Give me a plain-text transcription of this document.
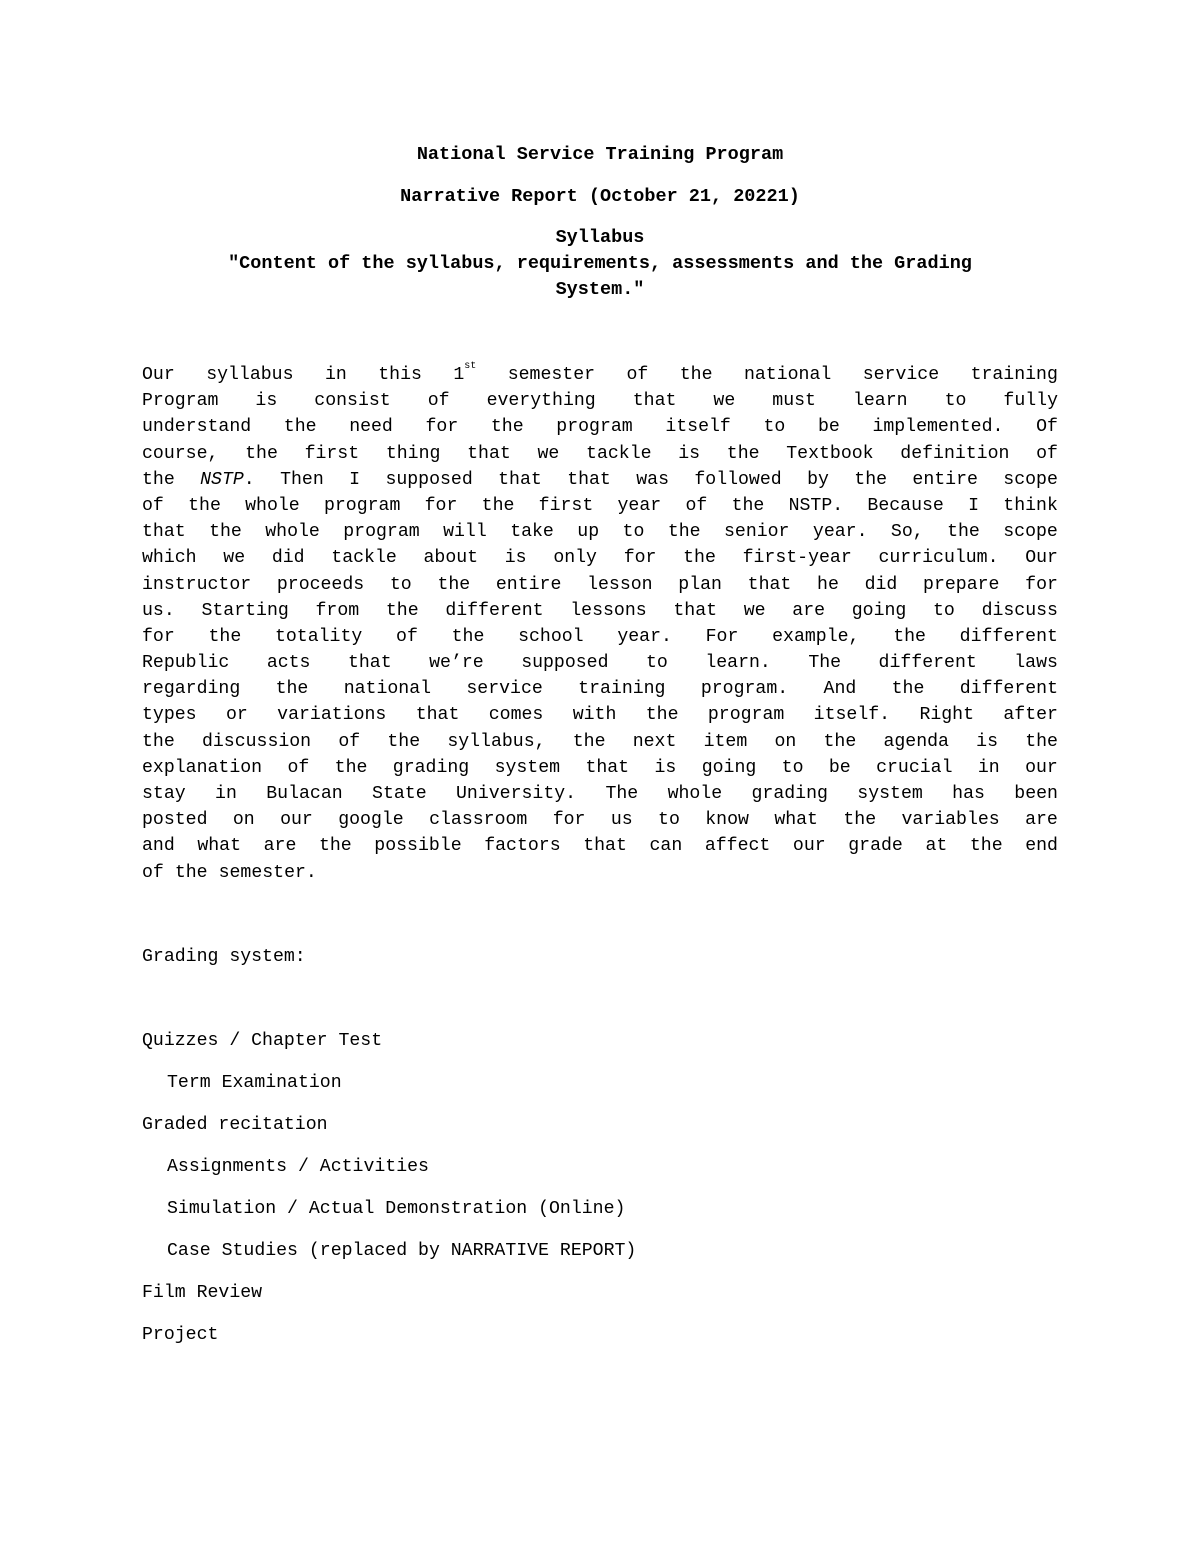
National Service Training Program
Narrative Report (October 21, 20221)
Syllabus
"Content of the syllabus, requirements, assessments and the Grading
System."
Our syllabus in this 1st semester of the national service training
Program is consist of everything that we must learn to fully
understand the need for the program itself to be implemented. Of
course, the first thing that we tackle is the Textbook definition of
the NSTP. Then I supposed that that was followed by the entire scope
of the whole program for the first year of the NSTP. Because I think
that the whole program will take up to the senior year. So, the scope
which we did tackle about is only for the first-year curriculum. Our
instructor proceeds to the entire lesson plan that he did prepare for
us. Starting from the different lessons that we are going to discuss
for the totality of the school year. For example, the different
Republic acts that we’re supposed to learn. The different laws
regarding the national service training program. And the different
types or variations that comes with the program itself. Right after
the discussion of the syllabus, the next item on the agenda is the
explanation of the grading system that is going to be crucial in our
stay in Bulacan State University. The whole grading system has been
posted on our google classroom for us to know what the variables are
and what are the possible factors that can affect our grade at the end
of the semester.
Grading system:
Quizzes / Chapter Test
Term Examination
Graded recitation
Assignments / Activities
Simulation / Actual Demonstration (Online)
Case Studies (replaced by NARRATIVE REPORT)
Film Review
Project
